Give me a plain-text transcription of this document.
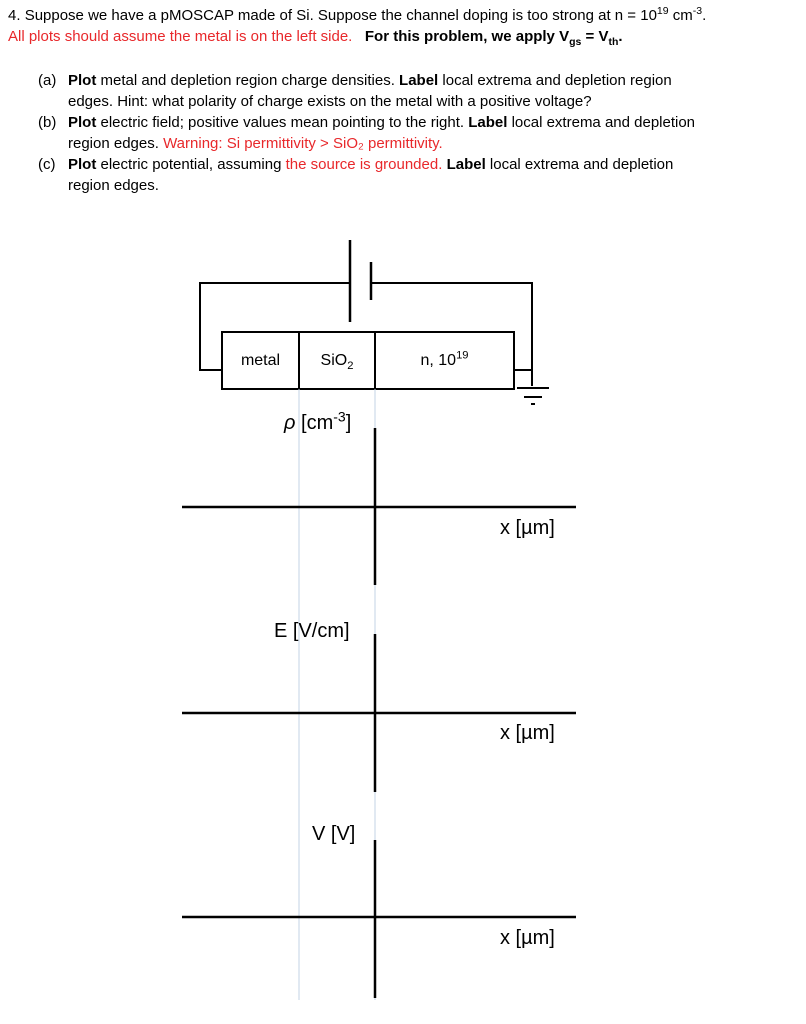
4. Suppose we have a pMOSCAP made of Si. Suppose the channel doping is too strong at $n = 10^{19}$ $cm^{-3}$.
All plots should assume the metal is on the left side. For this problem, we apply $V_{gs} = V_{th}$.
(a) Plot metal and depletion region charge densities. Label local extrema and depletion region
edges. Hint: what polarity of charge exists on the metal with a positive voltage?
(b) Plot electric field; positive values mean pointing to the right. Label local extrema and depletion
region edges. Warning: Si permittivity > SiO₂ permittivity.
(c) Plot electric potential, assuming the source is grounded. Label local extrema and depletion
region edges.
metal	SiO$_2$	n, $10^{19}$
ρ $[cm^{-3}]$
x [µm]
E [V/cm]
x [µm]
V [V]
x [µm]
